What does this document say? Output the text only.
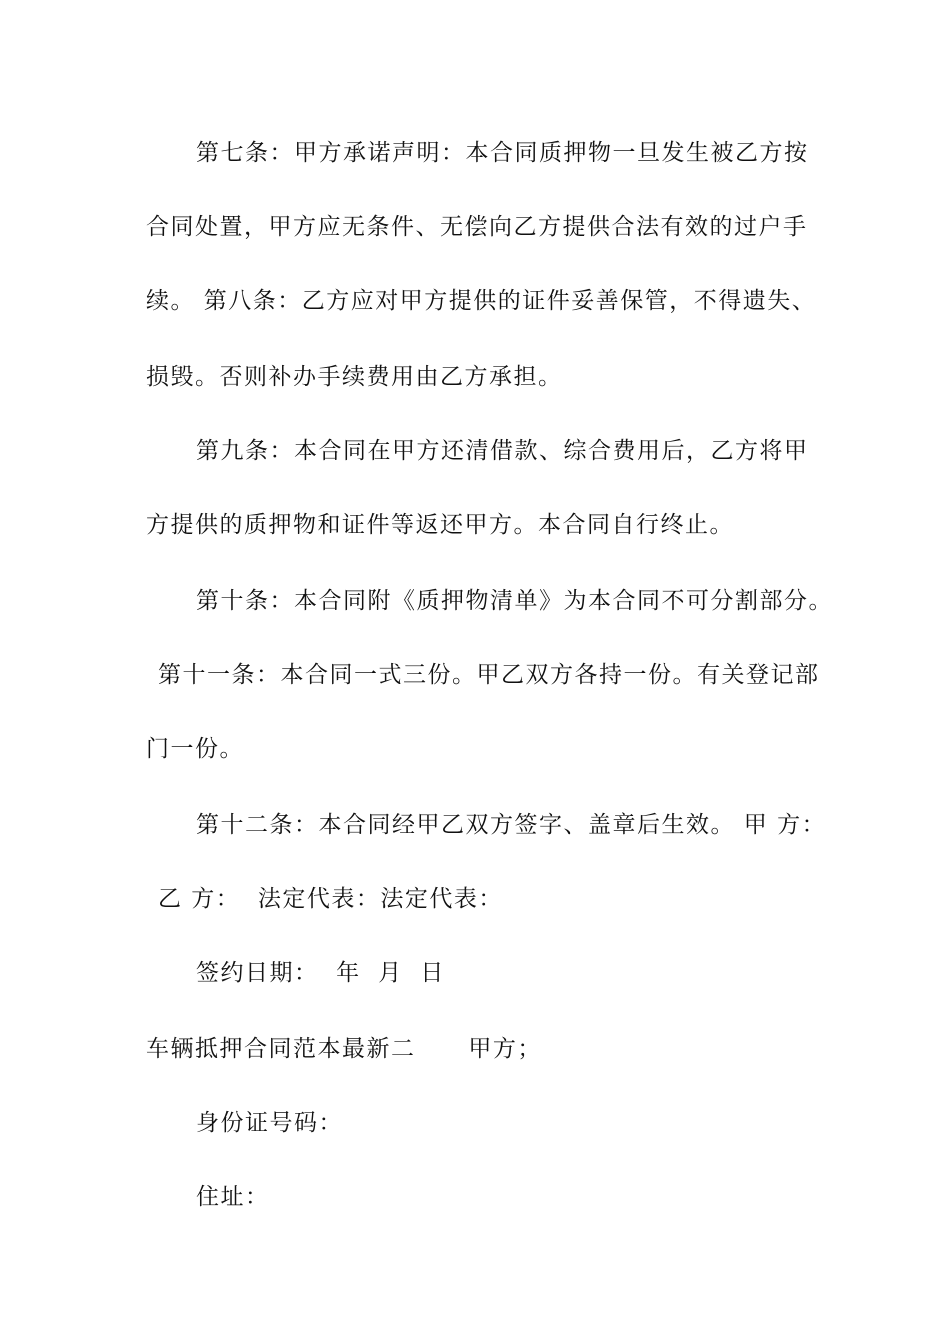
第七条：甲方承诺声明：本合同质押物一旦发生被乙方按
合同处置，甲方应无条件、无偿向乙方提供合法有效的过户手
续。 第八条：乙方应对甲方提供的证件妥善保管，不得遗失、
损毁。否则补办手续费用由乙方承担。
第九条：本合同在甲方还清借款、综合费用后，乙方将甲
方提供的质押物和证件等返还甲方。本合同自行终止。
第十条：本合同附《质押物清单》为本合同不可分割部分。
第十一条：本合同一式三份。甲乙双方各持一份。有关登记部
门一份。
第十二条：本合同经甲乙双方签字、盖章后生效。 甲 方：
乙 方：  法定代表：法定代表：
签约日期：  年  月  日
车辆抵押合同范本最新二      甲方；
身份证号码：
住址：
